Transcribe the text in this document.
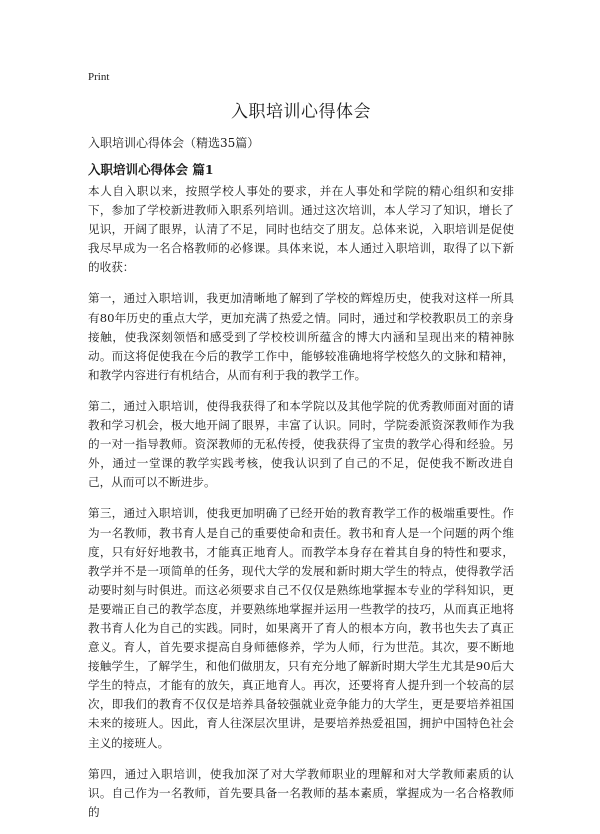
Print
入职培训心得体会

入职培训心得体会（精选35篇）

入职培训心得体会 篇1

本人自入职以来，按照学校人事处的要求，并在人事处和学院的精心组织和安排下，参加了学校新进教师入职系列培训。通过这次培训，本人学习了知识，增长了见识，开阔了眼界，认清了不足，同时也结交了朋友。总体来说，入职培训是促使我尽早成为一名合格教师的必修课。具体来说，本人通过入职培训，取得了以下新的收获：

第一，通过入职培训，我更加清晰地了解到了学校的辉煌历史，使我对这样一所具有80年历史的重点大学，更加充满了热爱之情。同时，通过和学校教职员工的亲身接触，使我深刻领悟和感受到了学校校训所蕴含的博大内涵和呈现出来的精神脉动。而这将促使我在今后的教学工作中，能够较准确地将学校悠久的文脉和精神，和教学内容进行有机结合，从而有利于我的教学工作。

第二，通过入职培训，使得我获得了和本学院以及其他学院的优秀教师面对面的请教和学习机会，极大地开阔了眼界，丰富了认识。同时，学院委派资深教师作为我的一对一指导教师。资深教师的无私传授，使我获得了宝贵的教学心得和经验。另外，通过一堂课的教学实践考核，使我认识到了自己的不足，促使我不断改进自己，从而可以不断进步。

第三，通过入职培训，使我更加明确了已经开始的教育教学工作的极端重要性。作为一名教师，教书育人是自己的重要使命和责任。教书和育人是一个问题的两个维度，只有好好地教书，才能真正地育人。而教学本身存在着其自身的特性和要求，教学并不是一项简单的任务，现代大学的发展和新时期大学生的特点，使得教学活动要时刻与时俱进。而这必须要求自己不仅仅是熟练地掌握本专业的学科知识，更是要端正自己的教学态度，并要熟练地掌握并运用一些教学的技巧，从而真正地将教书育人化为自己的实践。同时，如果离开了育人的根本方向，教书也失去了真正意义。育人，首先要求提高自身师德修养，学为人师，行为世范。其次，要不断地接触学生，了解学生，和他们做朋友，只有充分地了解新时期大学生尤其是90后大学生的特点，才能有的放矢，真正地育人。再次，还要将育人提升到一个较高的层次，即我们的教育不仅仅是培养具备较强就业竞争能力的大学生，更是要培养祖国未来的接班人。因此，育人往深层次里讲，是要培养热爱祖国，拥护中国特色社会主义的接班人。

第四，通过入职培训，使我加深了对大学教师职业的理解和对大学教师素质的认识。自己作为一名教师，首先要具备一名教师的基本素质，掌握成为一名合格教师的
